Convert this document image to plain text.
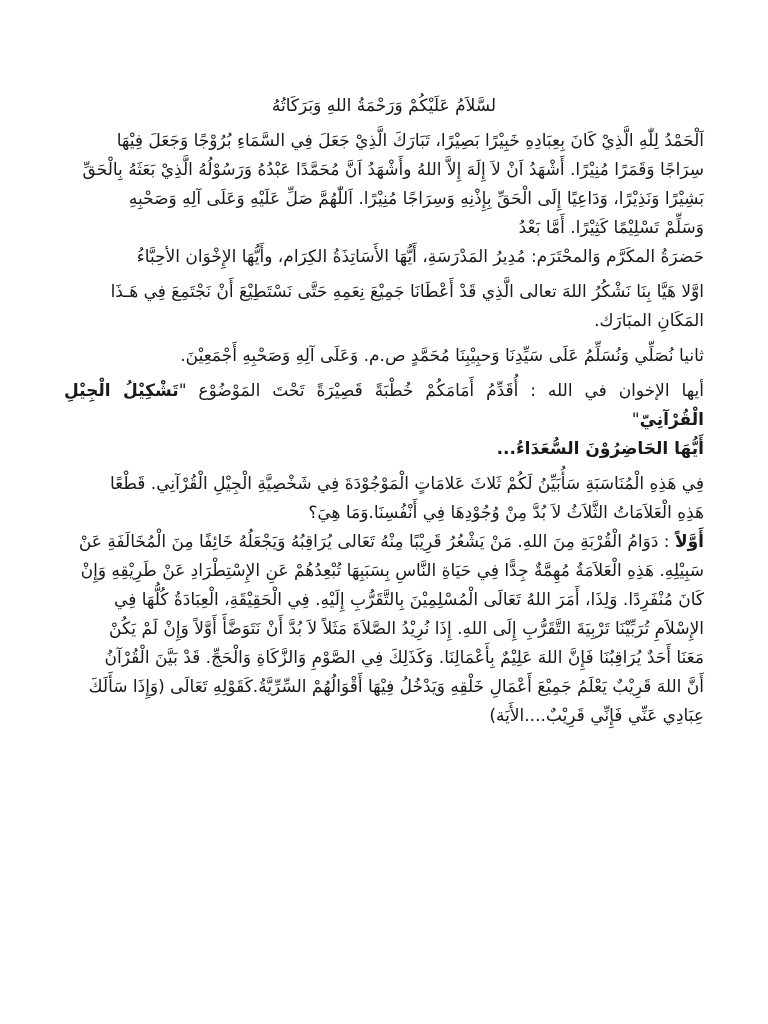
لسَّلاَمُ عَلَيْكُمْ وَرَحْمَةُ اللهِ وَبَرَكَاتُهُ
اَلْحَمْدُ لِلّٰهِ الَّذِيْ كَانَ بِعِبَادِهِ خَبِيْرًا بَصِيْرًا، تَبَارَكَ الَّذِيْ جَعَلَ فِي السَّمَاءِ بُرُوْجًا وَجَعَلَ فِيْهَا
سِرَاجًا وَقَمَرًا مُنِيْرًا. أَشْهَدُ اَنْ لاَ إِلَهَ إِلاَّ اللهُ وأَشْهَدُ اَنَّ مُحَمَّدًا عَبْدُهُ وَرَسُوْلُهُ الَّذِيْ بَعَثَهُ بِالْحَقِّ
بَشِيْرًا وَنَذِيْرًا، وَدَاعِيًا إِلَى الْحَقِّ بِإِذْنِهِ وَسِرَاجًا مُنِيْرًا. اَللّٰهُمَّ صَلِّ عَلَيْهِ وَعَلَى آلِهِ وَصَحْبِهِ
وَسَلِّمْ تَسْلِيْمًا كَثِيْرًا. أَمَّا بَعْدُ
حَضرَةُ المكَرَّم وَالمحْتَرَم: مُدِيرُ المَدْرَسَةِ، أَيُّهَا الأَسَاتِذَةُ الكِرَام، وأَيُّهَا الإِخْوَان الأحِبَّاءُ
اوَّلا هَيَّا بِنَا نَشْكُرُ اللهَ تعالى الَّذِي قَدْ أَعْطَانَا جَمِيْعَ نِعَمِهِ حَتَّى نَسْتَطِيْعَ أَنْ نَجْتَمِعَ فِي هَـذَا
المَكَانِ المبَارَك.
ثانيا نُصَلِّي وَنُسَلِّمُ عَلَى سَيِّدِنَا وَحبِيْبِنَا مُحَمَّدٍ ص.م. وَعَلَى آلِهِ وَصَحْبِهِ أَجْمَعِيْنَ.
أيها الإخوان في الله : أُقَدِّمُ أَمَامَكُمْ خُطْبَةً قَصِيْرَةً تَحْتَ المَوْضُوْع "تَشْكِيْلُ الْجِيْلِ الْقُرْآنِيّ"
أَيُّهَا الحَاضِرُوْنَ السُّعَدَاءُ...
فِي هَذِهِ الْمُنَاسَبَةِ سَأُبَيِّنُ لَكُمْ ثَلاثَ عَلامَاتٍ الْمَوْجُوْدَةَ فِي شَخْصِيَّةِ الْجِيْلِ الْقُرْآنِي. قَطْعًا
هَذِهِ الْعَلاَمَاتُ الثَّلاَثُ لاَ بُدَّ مِنْ وُجُوْدِهَا فِي أَنْفُسِنَا.وَمَا هِيَ؟
أَوَّلاً : دَوَامُ الْقُرْبَةِ مِنَ اللهِ. مَنْ يَشْعُرُ قَرِيْبًا مِنْهُ تَعَالى يُرَاقِبُهُ وَيَجْعَلُهُ خَائِفًا مِنَ الْمُخَالَفَةِ عَنْ
سَبِيْلِهِ. هَذِهِ الْعَلاَمَةُ مُهِمَّةٌ جِدًّا فِي حَيَاةِ النَّاسِ بِسَبَبِهَا تُبْعِدُهُمْ عَنِ الإِسْتِطْرَادِ عَنْ طَرِيْقِهِ وَإِنْ
كَانَ مُنْفَرِدًا. وَلِذَا، أَمَرَ اللهُ تَعَالَى الْمُسْلِمِيْنَ بِالتَّقَرُّبِ إِلَيْهِ. فِي الْحَقِيْقَةِ، الْعِبَادَةُ كُلُّهَا فِي
الإِسْلاَمِ تُرَبِّيْنَا تَرْبِيَةَ التَّقَرُّبِ إِلَى اللهِ. إِذَا نُرِيْدُ الصَّلاَةَ مَثَلاً لاَ بُدَّ أَنْ نَتَوَضَّأَ أَوَّلاً وَإِنْ لَمْ يَكُنْ
مَعَنَا أَحَدٌ يُرَاقِبُنَا فَإِنَّ اللهَ عَلِيْمٌ بِأَعْمَالِنَا. وَكَذَلِكَ فِي الصَّوْمِ وَالزَّكَاةِ وَالْحَجِّ. قَدْ بَيَّنَ الْقُرْآنُ
أَنَّ اللهَ قَرِيْبٌ يَعْلَمُ جَمِيْعَ أَعْمَالِ خَلْقِهِ وَيَدْخُلُ فِيْهَا أَقْوَالُهُمْ السِّرِّيَّةُ.كَقَوْلِهِ تَعَالَى (وَإِذَا سَأَلَكَ
عِبَادِي عَنِّي فَإِنِّي قَرِيْبٌ....الأَيَة)
